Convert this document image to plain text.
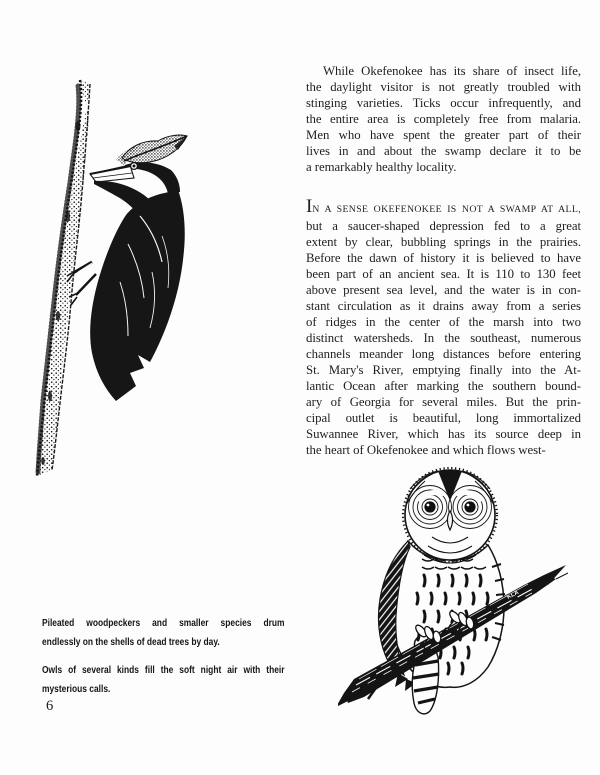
While Okefenokee has its share of insect life,
the daylight visitor is not greatly troubled with
stinging varieties. Ticks occur infrequently, and
the entire area is completely free from malaria.
Men who have spent the greater part of their
lives in and about the swamp declare it to be
a remarkably healthy locality.
IN A SENSE OKEFENOKEE IS NOT A SWAMP AT ALL,
but a saucer-shaped depression fed to a great
extent by clear, bubbling springs in the prairies.
Before the dawn of history it is believed to have
been part of an ancient sea. It is 110 to 130 feet
above present sea level, and the water is in con-
stant circulation as it drains away from a series
of ridges in the center of the marsh into two
distinct watersheds. In the southeast, numerous
channels meander long distances before entering
St. Mary's River, emptying finally into the At-
lantic Ocean after marking the southern bound-
ary of Georgia for several miles. But the prin-
cipal outlet is beautiful, long immortalized
Suwannee River, which has its source deep in
the heart of Okefenokee and which flows west-
KLA
Pileated woodpeckers and smaller species drum
endlessly on the shells of dead trees by day.
Owls of several kinds fill the soft night air with their
mysterious calls.
6
